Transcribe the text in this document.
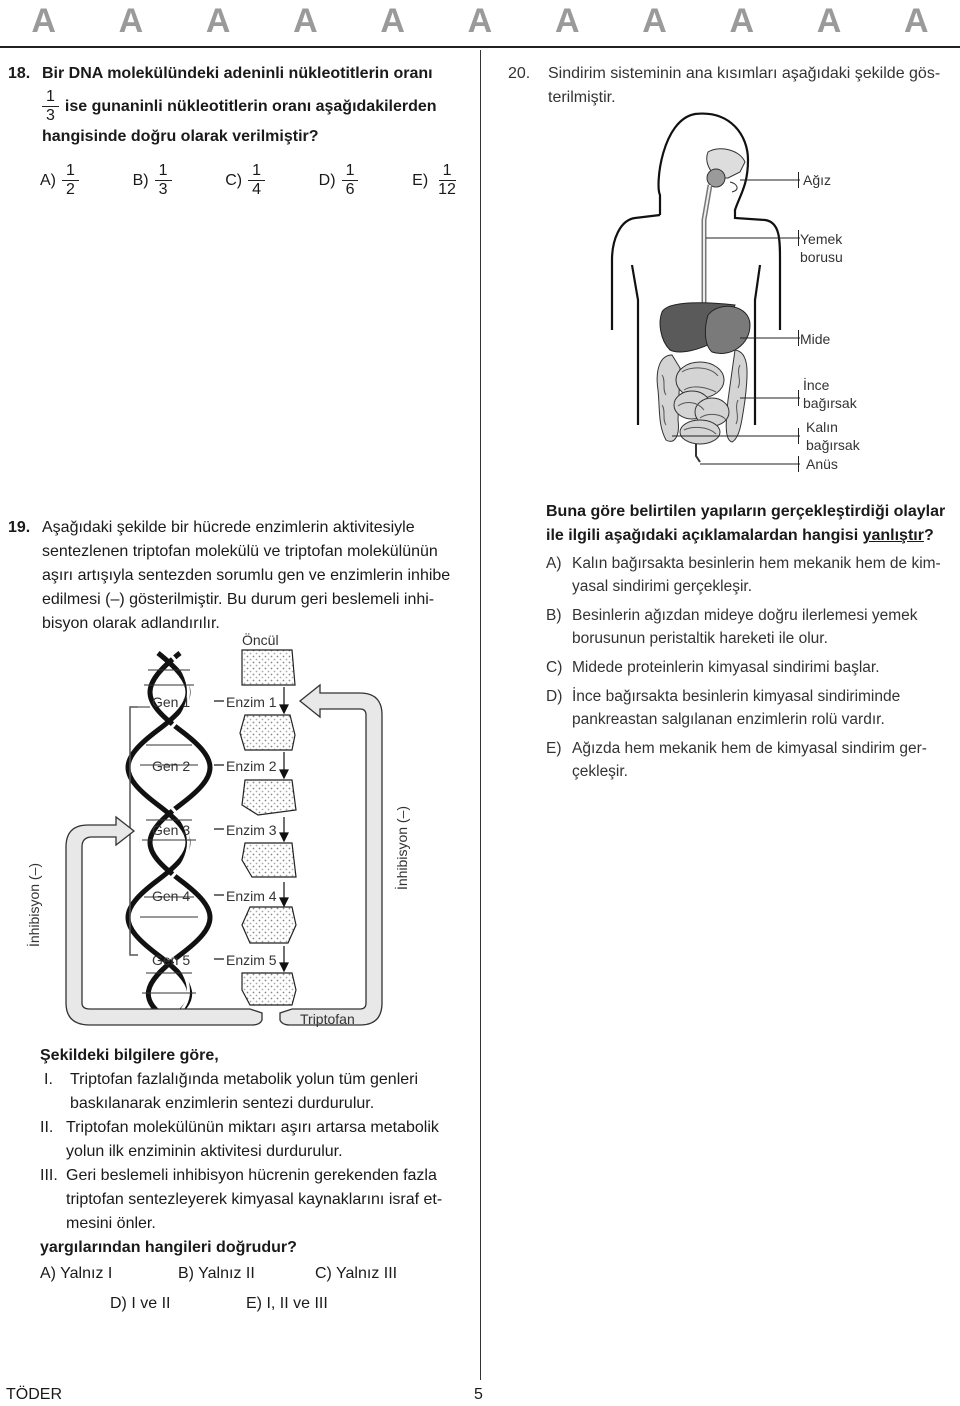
A A A A A A A A A A A
18. Bir DNA molekülündeki adeninli nükleotitlerin oranı
$\frac{1}{3}$ ise gunaninli nükleotitlerin oranı aşağıdakilerden
hangisinde doğru olarak verilmiştir?
$A) \frac{1}{2}$	$B) \frac{1}{3}$	$C) \frac{1}{4}$	$D) \frac{1}{6}$	$E) \frac{1}{12}$
19. Aşağıdaki şekilde bir hücrede enzimlerin aktivitesiyle
sentezlenen triptofan molekülü ve triptofan molekülünün
aşırı artışıyla sentezden sorumlu gen ve enzimlerin inhibe
edilmesi (–) gösterilmiştir. Bu durum geri beslemeli inhi-
bisyon olarak adlandırılır.
Öncül
Gen 1
Gen 2
Gen 3
Gen 4
Gen 5
Enzim 1
Enzim 2
Enzim 3
Enzim 4
Enzim 5
Triptofan
İnhibisyon (–)
İnhibisyon (–)
Şekildeki bilgilere göre,
I.	Triptofan fazlalığında metabolik yolun tüm genleri
baskılanarak enzimlerin sentezi durdurulur.
II. Triptofan molekülünün miktarı aşırı artarsa metabolik
yolun ilk enziminin aktivitesi durdurulur.
III. Geri beslemeli inhibisyon hücrenin gerekenden fazla
triptofan sentezleyerek kimyasal kaynaklarını israf et-
mesini önler.
yargılarından hangileri doğrudur?
A) Yalnız I	B) Yalnız II	C) Yalnız III
D) I ve II	E) I, II ve III
20.	Sindirim sisteminin ana kısımları aşağıdaki şekilde gös-
terilmiştir.
Ağız
Yemek
borusu
Mide
İnce
bağırsak
Kalın
bağırsak
Anüs
Buna göre belirtilen yapıların gerçekleştirdiği olaylar
ile ilgili aşağıdaki açıklamalardan hangisi yanlıştır?
A) Kalın bağırsakta besinlerin hem mekanik hem de kim-
yasal sindirimi gerçekleşir.
B) Besinlerin ağızdan mideye doğru ilerlemesi yemek
borusunun peristaltik hareketi ile olur.
C) Midede proteinlerin kimyasal sindirimi başlar.
D) İnce bağırsakta besinlerin kimyasal sindiriminde
pankreastan salgılanan enzimlerin rolü vardır.
E) Ağızda hem mekanik hem de kimyasal sindirim ger-
çekleşir.
TÖDER	5
